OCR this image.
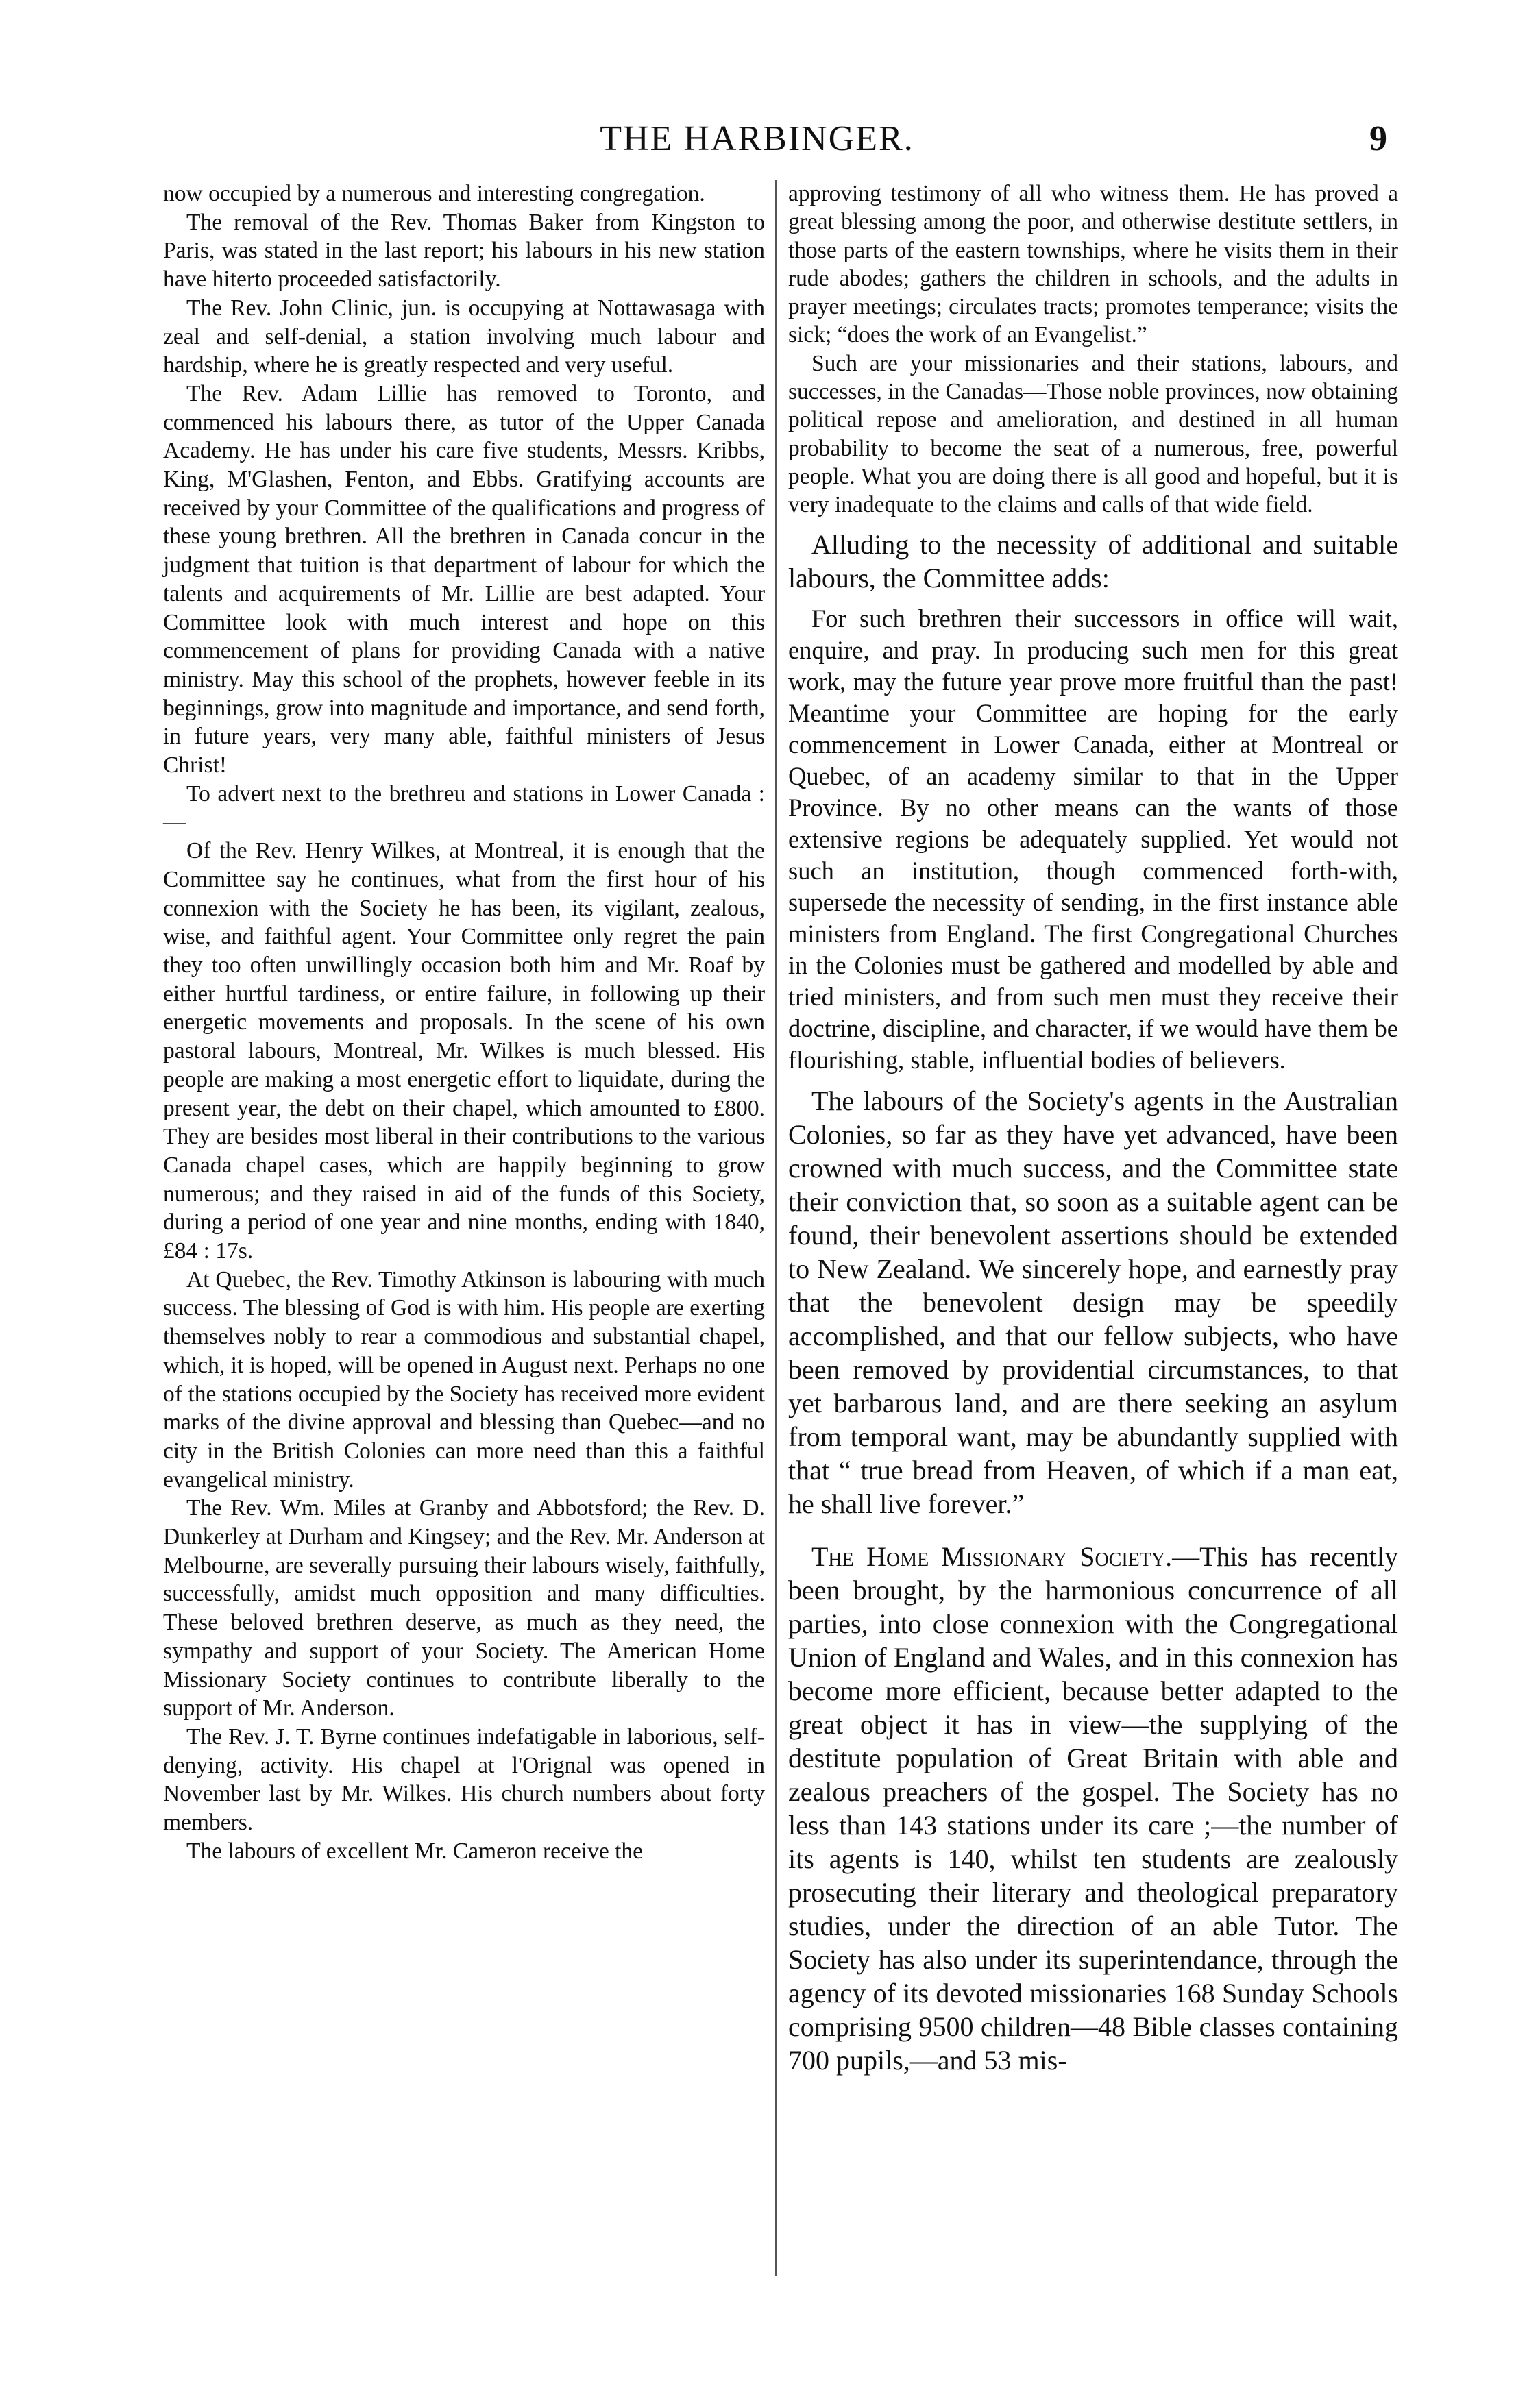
THE HARBINGER.	9

now occupied by a numerous and interesting congregation.

The removal of the Rev. Thomas Baker from Kingston to Paris, was stated in the last report; his labours in his new station have hiterto proceeded satisfactorily.

The Rev. John Clinic, jun. is occupying at Nottawasaga with zeal and self-denial, a station involving much labour and hardship, where he is greatly respected and very useful.

The Rev. Adam Lillie has removed to Toronto, and commenced his labours there, as tutor of the Upper Canada Academy. He has under his care five students, Messrs. Kribbs, King, M'Glashen, Fenton, and Ebbs. Gratifying accounts are received by your Committee of the qualifications and progress of these young brethren. All the brethren in Canada concur in the judgment that tuition is that department of labour for which the talents and acquirements of Mr. Lillie are best adapted. Your Committee look with much interest and hope on this commencement of plans for providing Canada with a native ministry. May this school of the prophets, however feeble in its beginnings, grow into magnitude and importance, and send forth, in future years, very many able, faithful ministers of Jesus Christ!

To advert next to the brethreu and stations in Lower Canada :—

Of the Rev. Henry Wilkes, at Montreal, it is enough that the Committee say he continues, what from the first hour of his connexion with the Society he has been, its vigilant, zealous, wise, and faithful agent. Your Committee only regret the pain they too often unwillingly occasion both him and Mr. Roaf by either hurtful tardiness, or entire failure, in following up their energetic movements and proposals. In the scene of his own pastoral labours, Montreal, Mr. Wilkes is much blessed. His people are making a most energetic effort to liquidate, during the present year, the debt on their chapel, which amounted to £800. They are besides most liberal in their contributions to the various Canada chapel cases, which are happily beginning to grow numerous; and they raised in aid of the funds of this Society, during a period of one year and nine months, ending with 1840, £84 : 17s.

At Quebec, the Rev. Timothy Atkinson is labouring with much success. The blessing of God is with him. His people are exerting themselves nobly to rear a commodious and substantial chapel, which, it is hoped, will be opened in August next. Perhaps no one of the stations occupied by the Society has received more evident marks of the divine approval and blessing than Quebec—and no city in the British Colonies can more need than this a faithful evangelical ministry.

The Rev. Wm. Miles at Granby and Abbotsford; the Rev. D. Dunkerley at Durham and Kingsey; and the Rev. Mr. Anderson at Melbourne, are severally pursuing their labours wisely, faithfully, successfully, amidst much opposition and many difficulties. These beloved brethren deserve, as much as they need, the sympathy and support of your Society. The American Home Missionary Society continues to contribute liberally to the support of Mr. Anderson.

The Rev. J. T. Byrne continues indefatigable in laborious, self-denying, activity. His chapel at l'Orignal was opened in November last by Mr. Wilkes. His church numbers about forty members.

The labours of excellent Mr. Cameron receive the

approving testimony of all who witness them. He has proved a great blessing among the poor, and otherwise destitute settlers, in those parts of the eastern townships, where he visits them in their rude abodes; gathers the children in schools, and the adults in prayer meetings; circulates tracts; promotes temperance; visits the sick; “does the work of an Evangelist.”

Such are your missionaries and their stations, labours, and successes, in the Canadas—Those noble provinces, now obtaining political repose and amelioration, and destined in all human probability to become the seat of a numerous, free, powerful people. What you are doing there is all good and hopeful, but it is very inadequate to the claims and calls of that wide field.

Alluding to the necessity of additional and suitable labours, the Committee adds:

For such brethren their successors in office will wait, enquire, and pray. In producing such men for this great work, may the future year prove more fruitful than the past! Meantime your Committee are hoping for the early commencement in Lower Canada, either at Montreal or Quebec, of an academy similar to that in the Upper Province. By no other means can the wants of those extensive regions be adequately supplied. Yet would not such an institution, though commenced forth-with, supersede the necessity of sending, in the first instance able ministers from England. The first Congregational Churches in the Colonies must be gathered and modelled by able and tried ministers, and from such men must they receive their doctrine, discipline, and character, if we would have them be flourishing, stable, influential bodies of believers.

The labours of the Society's agents in the Australian Colonies, so far as they have yet advanced, have been crowned with much success, and the Committee state their conviction that, so soon as a suitable agent can be found, their benevolent assertions should be extended to New Zealand. We sincerely hope, and earnestly pray that the benevolent design may be speedily accomplished, and that our fellow subjects, who have been removed by providential circumstances, to that yet barbarous land, and are there seeking an asylum from temporal want, may be abundantly supplied with that “ true bread from Heaven, of which if a man eat, he shall live forever.”

The Home Missionary Society.—This has recently been brought, by the harmonious concurrence of all parties, into close connexion with the Congregational Union of England and Wales, and in this connexion has become more efficient, because better adapted to the great object it has in view—the supplying of the destitute population of Great Britain with able and zealous preachers of the gospel. The Society has no less than 143 stations under its care ;—the number of its agents is 140, whilst ten students are zealously prosecuting their literary and theological preparatory studies, under the direction of an able Tutor. The Society has also under its superintendance, through the agency of its devoted missionaries 168 Sunday Schools comprising 9500 children—48 Bible classes containing 700 pupils,—and 53 mis-
